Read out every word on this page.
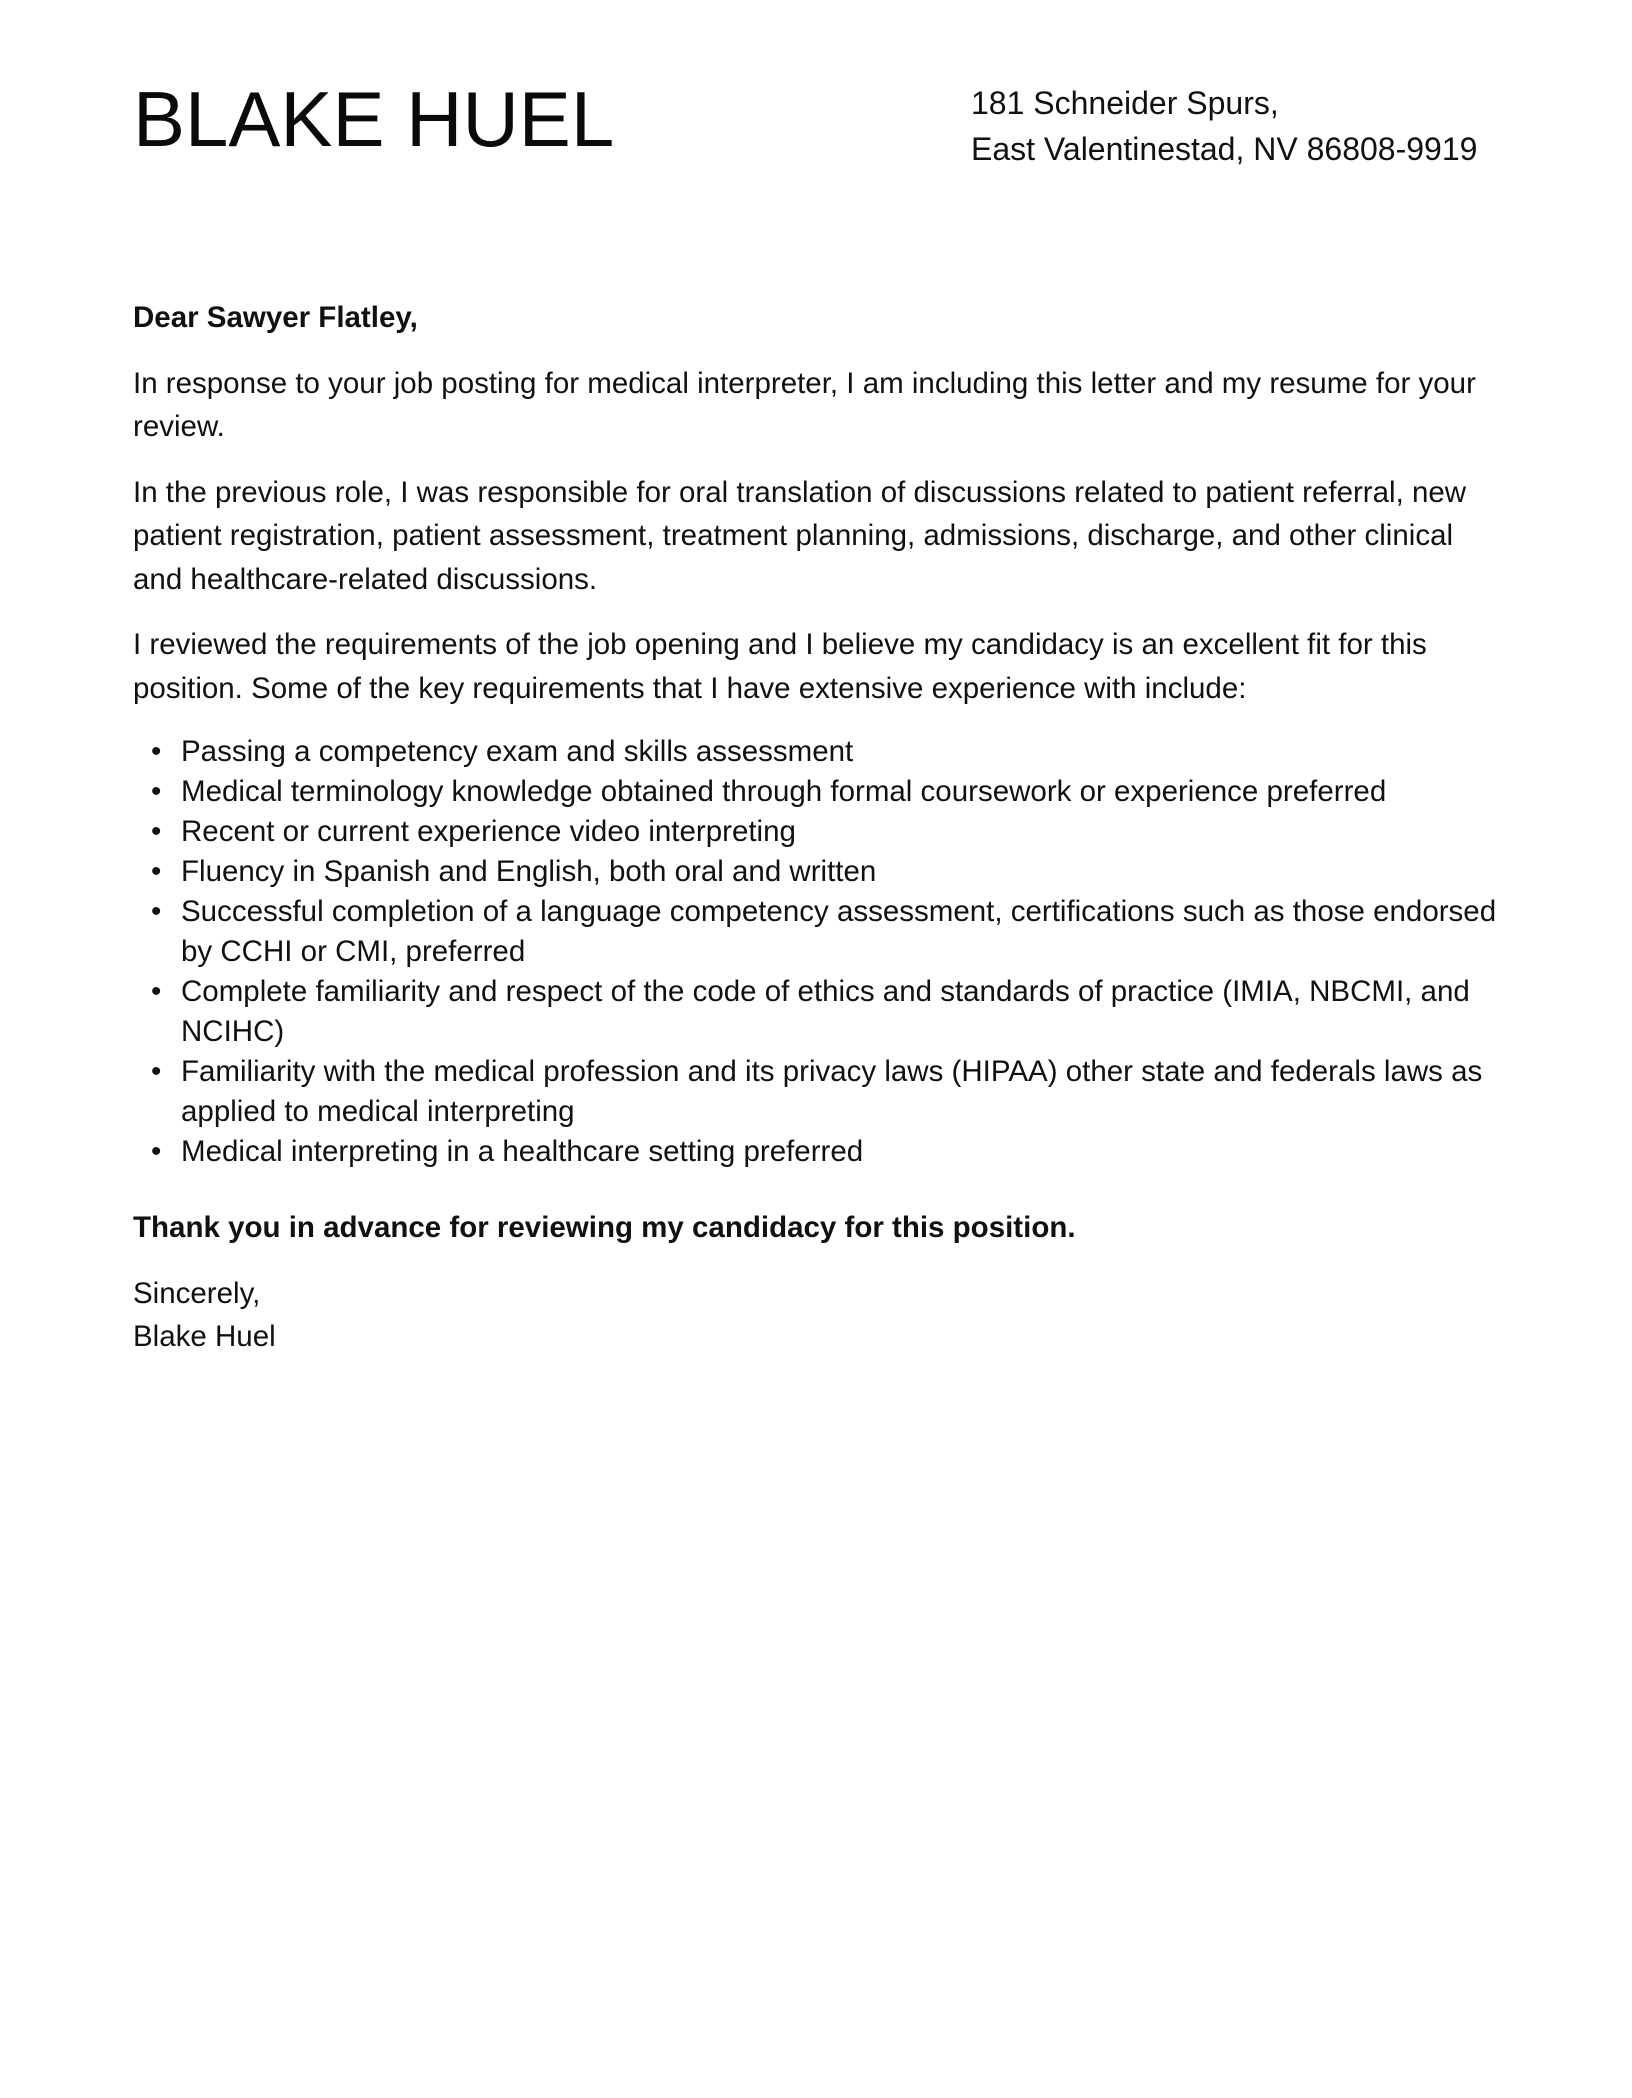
BLAKE HUEL	181 Schneider Spurs,
East Valentinestad, NV 86808-9919

Dear Sawyer Flatley,

In response to your job posting for medical interpreter, I am including this letter and my resume for your review.

In the previous role, I was responsible for oral translation of discussions related to patient referral, new patient registration, patient assessment, treatment planning, admissions, discharge, and other clinical and healthcare-related discussions.

I reviewed the requirements of the job opening and I believe my candidacy is an excellent fit for this position. Some of the key requirements that I have extensive experience with include:

• Passing a competency exam and skills assessment
• Medical terminology knowledge obtained through formal coursework or experience preferred
• Recent or current experience video interpreting
• Fluency in Spanish and English, both oral and written
• Successful completion of a language competency assessment, certifications such as those endorsed by CCHI or CMI, preferred
• Complete familiarity and respect of the code of ethics and standards of practice (IMIA, NBCMI, and NCIHC)
• Familiarity with the medical profession and its privacy laws (HIPAA) other state and federals laws as applied to medical interpreting
• Medical interpreting in a healthcare setting preferred

Thank you in advance for reviewing my candidacy for this position.

Sincerely,
Blake Huel
